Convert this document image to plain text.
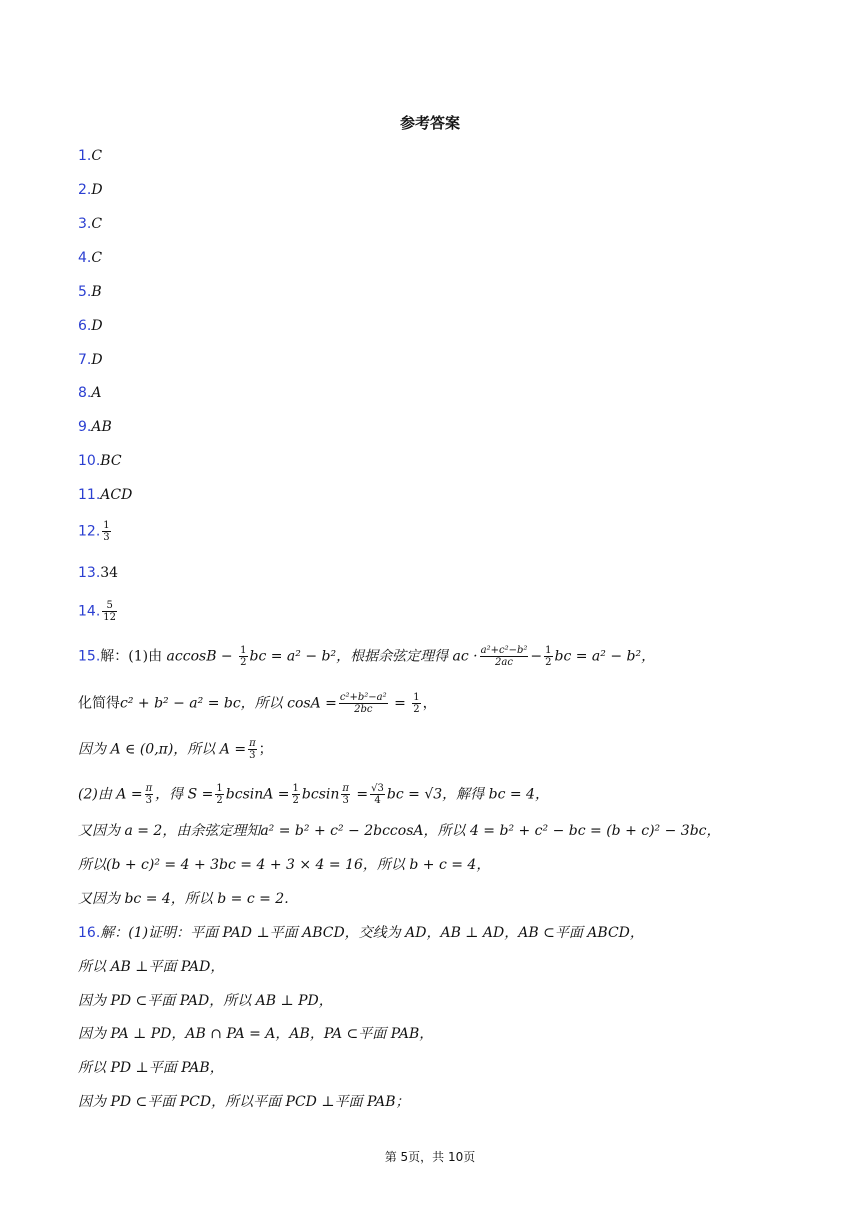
参考答案
1.C
2.D
3.C
4.C
5.B
6.D
7.D
8.A
9.AB
10.BC
11.ACD
12. $\frac{1}{3}$
13.34
14. $\frac{5}{12}$
15.解：(1)由 $accosB - \frac{1}{2}$ bc = a² − b²，根据余弦定理得 ac · $\frac{\text{a²+c²−b²}}{2ac} - \frac{1}{2}$ bc = a² − b²，
化简得c² + b² − a² = bc，所以 $\cos A = \frac{\text{c²+b²−a²}}{2bc} = \frac{1}{2}$ ，
因为 A ∈ (0,π)，所以 $A = \frac{\pi}{3}$ ；
(2)由 $A = \frac{\pi}{3}$ ，得 $S = \frac{1}{2}$ $bcsinA = \frac{1}{2}$ bcsin $\frac{\pi}{3} = \frac{√3}{4}$ bc = √3，解得 bc = 4，
又因为 a = 2，由余弦定理知a² = b² + c² − 2bccosA，所以 4 = b² + c² − bc = (b + c)² − 3bc，
所以(b + c)² = 4 + 3bc = 4 + 3 × 4 = 16，所以 b + c = 4，
又因为 bc = 4，所以 b = c = 2.
16.解：(1)证明：平面 PAD ⊥平面 ABCD，交线为 AD，AB ⊥ AD，AB ⊂平面 ABCD，
所以 AB ⊥平面 PAD，
因为 PD ⊂平面 PAD，所以 AB ⊥ PD，
因为 PA ⊥ PD，AB ∩ PA = A，AB，PA ⊂平面 PAB，
所以 PD ⊥平面 PAB，
因为 PD ⊂平面 PCD，所以平面 PCD ⊥平面 PAB；
第 5页，共 10页
